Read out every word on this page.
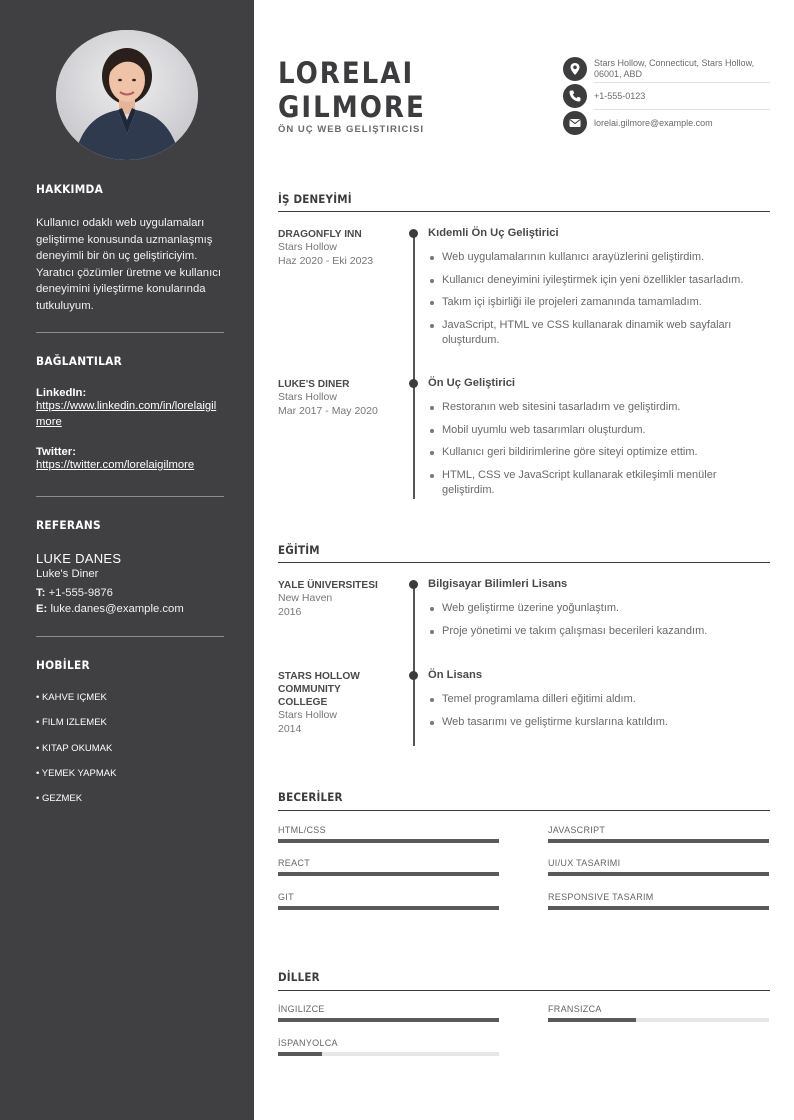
HAKKIMDA
Kullanıcı odaklı web uygulamaları geliştirme konusunda uzmanlaşmış deneyimli bir ön uç geliştiriciyim. Yaratıcı çözümler üretme ve kullanıcı deneyimini iyileştirme konularında tutkuluyum.
BAĞLANTILAR
LinkedIn:
https://www.linkedin.com/in/lorelaigilmore
Twitter:
https://twitter.com/lorelaigilmore
REFERANS
LUKE DANES
Luke's Diner
T: +1-555-9876
E: luke.danes@example.com
HOBİLER
• KAHVE IÇMEK
• FILM IZLEMEK
• KITAP OKUMAK
• YEMEK YAPMAK
• GEZMEK
LORELAI
GILMORE
ÖN UÇ WEB GELIŞTIRICISI
Stars Hollow, Connecticut, Stars Hollow, 06001, ABD
+1-555-0123
lorelai.gilmore@example.com
İŞ DENEYİMİ
DRAGONFLY INN
Stars Hollow
Haz 2020 - Eki 2023
Kıdemli Ön Uç Geliştirici
Web uygulamalarının kullanıcı arayüzlerini geliştirdim.
Kullanıcı deneyimini iyileştirmek için yeni özellikler tasarladım.
Takım içi işbirliği ile projeleri zamanında tamamladım.
JavaScript, HTML ve CSS kullanarak dinamik web sayfaları oluşturdum.
LUKE'S DINER
Stars Hollow
Mar 2017 - May 2020
Ön Uç Geliştirici
Restoranın web sitesini tasarladım ve geliştirdim.
Mobil uyumlu web tasarımları oluşturdum.
Kullanıcı geri bildirimlerine göre siteyi optimize ettim.
HTML, CSS ve JavaScript kullanarak etkileşimli menüler geliştirdim.
EĞİTİM
YALE ÜNIVERSITESI
New Haven
2016
Bilgisayar Bilimleri Lisans
Web geliştirme üzerine yoğunlaştım.
Proje yönetimi ve takım çalışması becerileri kazandım.
STARS HOLLOW COMMUNITY COLLEGE
Stars Hollow
2014
Ön Lisans
Temel programlama dilleri eğitimi aldım.
Web tasarımı ve geliştirme kurslarına katıldım.
BECERİLER
HTML/CSS	JAVASCRIPT
REACT	UI/UX TASARIMI
GIT	RESPONSIVE TASARIM
DİLLER
İNGILIZCE	FRANSIZCA
İSPANYOLCA
